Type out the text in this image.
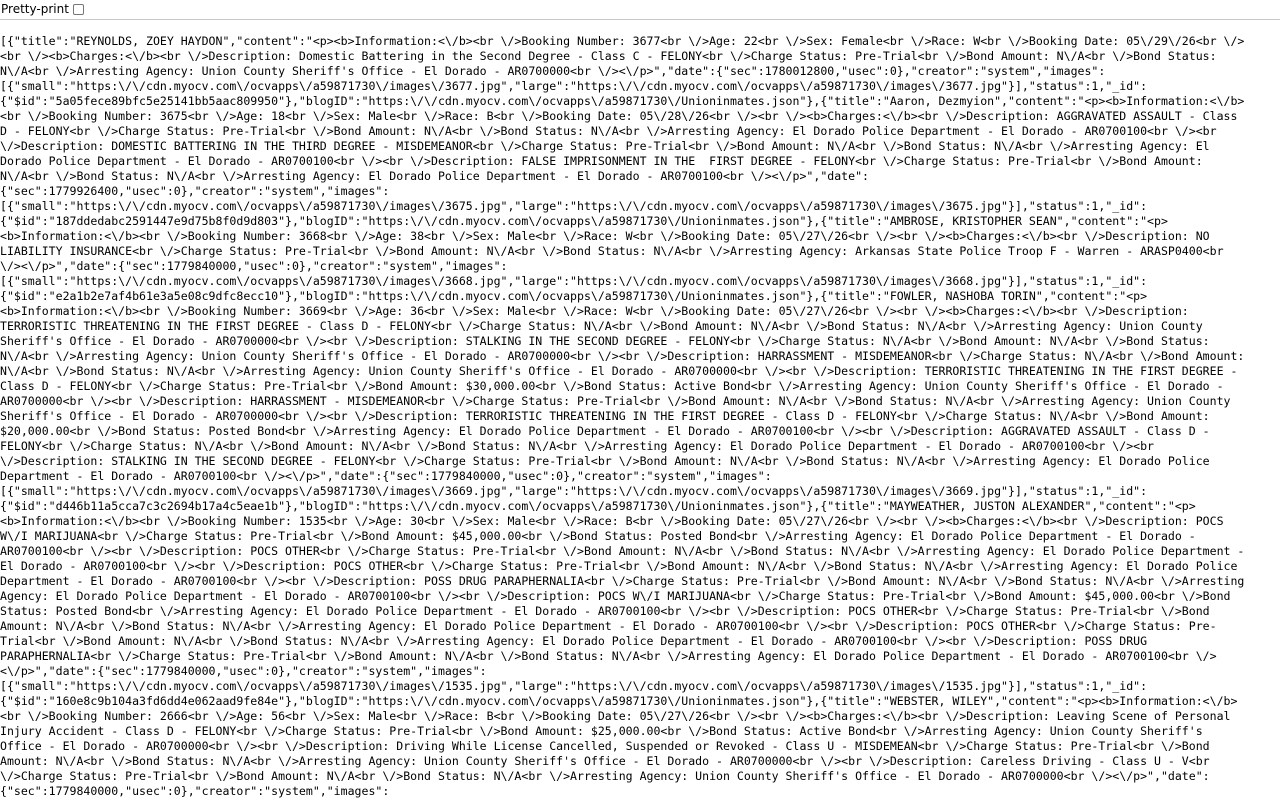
Pretty-print
[{"title":"REYNOLDS, ZOEY HAYDON","content":"<p><b>Information:<\/b><br \/>Booking Number: 3677<br \/>Age: 22<br \/>Sex: Female<br \/>Race: W<br \/>Booking Date: 05\/29\/26<br \/>
<br \/><b>Charges:<\/b><br \/>Description: Domestic Battering in the Second Degree - Class C - FELONY<br \/>Charge Status: Pre-Trial<br \/>Bond Amount: N\/A<br \/>Bond Status:
N\/A<br \/>Arresting Agency: Union County Sheriff's Office - El Dorado - AR0700000<br \/><\/p>","date":{"sec":1780012800,"usec":0},"creator":"system","images":
[{"small":"https:\/\/cdn.myocv.com\/ocvapps\/a59871730\/images\/3677.jpg","large":"https:\/\/cdn.myocv.com\/ocvapps\/a59871730\/images\/3677.jpg"}],"status":1,"_id":
{"$id":"5a05fece89bfc5e25141bb5aac809950"},"blogID":"https:\/\/cdn.myocv.com\/ocvapps\/a59871730\/Unioninmates.json"},{"title":"Aaron, Dezmyion","content":"<p><b>Information:<\/b>
<br \/>Booking Number: 3675<br \/>Age: 18<br \/>Sex: Male<br \/>Race: B<br \/>Booking Date: 05\/28\/26<br \/><br \/><b>Charges:<\/b><br \/>Description: AGGRAVATED ASSAULT - Class
D - FELONY<br \/>Charge Status: Pre-Trial<br \/>Bond Amount: N\/A<br \/>Bond Status: N\/A<br \/>Arresting Agency: El Dorado Police Department - El Dorado - AR0700100<br \/><br
\/>Description: DOMESTIC BATTERING IN THE THIRD DEGREE - MISDEMEANOR<br \/>Charge Status: Pre-Trial<br \/>Bond Amount: N\/A<br \/>Bond Status: N\/A<br \/>Arresting Agency: El
Dorado Police Department - El Dorado - AR0700100<br \/><br \/>Description: FALSE IMPRISONMENT IN THE  FIRST DEGREE - FELONY<br \/>Charge Status: Pre-Trial<br \/>Bond Amount:
N\/A<br \/>Bond Status: N\/A<br \/>Arresting Agency: El Dorado Police Department - El Dorado - AR0700100<br \/><\/p>","date":
{"sec":1779926400,"usec":0},"creator":"system","images":
[{"small":"https:\/\/cdn.myocv.com\/ocvapps\/a59871730\/images\/3675.jpg","large":"https:\/\/cdn.myocv.com\/ocvapps\/a59871730\/images\/3675.jpg"}],"status":1,"_id":
{"$id":"187ddedabc2591447e9d75b8f0d9d803"},"blogID":"https:\/\/cdn.myocv.com\/ocvapps\/a59871730\/Unioninmates.json"},{"title":"AMBROSE, KRISTOPHER SEAN","content":"<p>
<b>Information:<\/b><br \/>Booking Number: 3668<br \/>Age: 38<br \/>Sex: Male<br \/>Race: W<br \/>Booking Date: 05\/27\/26<br \/><br \/><b>Charges:<\/b><br \/>Description: NO
LIABILITY INSURANCE<br \/>Charge Status: Pre-Trial<br \/>Bond Amount: N\/A<br \/>Bond Status: N\/A<br \/>Arresting Agency: Arkansas State Police Troop F - Warren - ARASP0400<br
\/><\/p>","date":{"sec":1779840000,"usec":0},"creator":"system","images":
[{"small":"https:\/\/cdn.myocv.com\/ocvapps\/a59871730\/images\/3668.jpg","large":"https:\/\/cdn.myocv.com\/ocvapps\/a59871730\/images\/3668.jpg"}],"status":1,"_id":
{"$id":"e2a1b2e7af4b61e3a5e08c9dfc8ecc10"},"blogID":"https:\/\/cdn.myocv.com\/ocvapps\/a59871730\/Unioninmates.json"},{"title":"FOWLER, NASHOBA TORIN","content":"<p>
<b>Information:<\/b><br \/>Booking Number: 3669<br \/>Age: 36<br \/>Sex: Male<br \/>Race: W<br \/>Booking Date: 05\/27\/26<br \/><br \/><b>Charges:<\/b><br \/>Description:
TERRORISTIC THREATENING IN THE FIRST DEGREE - Class D - FELONY<br \/>Charge Status: N\/A<br \/>Bond Amount: N\/A<br \/>Bond Status: N\/A<br \/>Arresting Agency: Union County
Sheriff's Office - El Dorado - AR0700000<br \/><br \/>Description: STALKING IN THE SECOND DEGREE - FELONY<br \/>Charge Status: N\/A<br \/>Bond Amount: N\/A<br \/>Bond Status:
N\/A<br \/>Arresting Agency: Union County Sheriff's Office - El Dorado - AR0700000<br \/><br \/>Description: HARRASSMENT - MISDEMEANOR<br \/>Charge Status: N\/A<br \/>Bond Amount:
N\/A<br \/>Bond Status: N\/A<br \/>Arresting Agency: Union County Sheriff's Office - El Dorado - AR0700000<br \/><br \/>Description: TERRORISTIC THREATENING IN THE FIRST DEGREE -
Class D - FELONY<br \/>Charge Status: Pre-Trial<br \/>Bond Amount: $30,000.00<br \/>Bond Status: Active Bond<br \/>Arresting Agency: Union County Sheriff's Office - El Dorado -
AR0700000<br \/><br \/>Description: HARRASSMENT - MISDEMEANOR<br \/>Charge Status: Pre-Trial<br \/>Bond Amount: N\/A<br \/>Bond Status: N\/A<br \/>Arresting Agency: Union County
Sheriff's Office - El Dorado - AR0700000<br \/><br \/>Description: TERRORISTIC THREATENING IN THE FIRST DEGREE - Class D - FELONY<br \/>Charge Status: N\/A<br \/>Bond Amount:
$20,000.00<br \/>Bond Status: Posted Bond<br \/>Arresting Agency: El Dorado Police Department - El Dorado - AR0700100<br \/><br \/>Description: AGGRAVATED ASSAULT - Class D -
FELONY<br \/>Charge Status: N\/A<br \/>Bond Amount: N\/A<br \/>Bond Status: N\/A<br \/>Arresting Agency: El Dorado Police Department - El Dorado - AR0700100<br \/><br
\/>Description: STALKING IN THE SECOND DEGREE - FELONY<br \/>Charge Status: Pre-Trial<br \/>Bond Amount: N\/A<br \/>Bond Status: N\/A<br \/>Arresting Agency: El Dorado Police
Department - El Dorado - AR0700100<br \/><\/p>","date":{"sec":1779840000,"usec":0},"creator":"system","images":
[{"small":"https:\/\/cdn.myocv.com\/ocvapps\/a59871730\/images\/3669.jpg","large":"https:\/\/cdn.myocv.com\/ocvapps\/a59871730\/images\/3669.jpg"}],"status":1,"_id":
{"$id":"d446b11a5cca7c3c2694b17a4c5eae1b"},"blogID":"https:\/\/cdn.myocv.com\/ocvapps\/a59871730\/Unioninmates.json"},{"title":"MAYWEATHER, JUSTON ALEXANDER","content":"<p>
<b>Information:<\/b><br \/>Booking Number: 1535<br \/>Age: 30<br \/>Sex: Male<br \/>Race: B<br \/>Booking Date: 05\/27\/26<br \/><br \/><b>Charges:<\/b><br \/>Description: POCS
W\/I MARIJUANA<br \/>Charge Status: Pre-Trial<br \/>Bond Amount: $45,000.00<br \/>Bond Status: Posted Bond<br \/>Arresting Agency: El Dorado Police Department - El Dorado -
AR0700100<br \/><br \/>Description: POCS OTHER<br \/>Charge Status: Pre-Trial<br \/>Bond Amount: N\/A<br \/>Bond Status: N\/A<br \/>Arresting Agency: El Dorado Police Department -
El Dorado - AR0700100<br \/><br \/>Description: POCS OTHER<br \/>Charge Status: Pre-Trial<br \/>Bond Amount: N\/A<br \/>Bond Status: N\/A<br \/>Arresting Agency: El Dorado Police
Department - El Dorado - AR0700100<br \/><br \/>Description: POSS DRUG PARAPHERNALIA<br \/>Charge Status: Pre-Trial<br \/>Bond Amount: N\/A<br \/>Bond Status: N\/A<br \/>Arresting
Agency: El Dorado Police Department - El Dorado - AR0700100<br \/><br \/>Description: POCS W\/I MARIJUANA<br \/>Charge Status: Pre-Trial<br \/>Bond Amount: $45,000.00<br \/>Bond
Status: Posted Bond<br \/>Arresting Agency: El Dorado Police Department - El Dorado - AR0700100<br \/><br \/>Description: POCS OTHER<br \/>Charge Status: Pre-Trial<br \/>Bond
Amount: N\/A<br \/>Bond Status: N\/A<br \/>Arresting Agency: El Dorado Police Department - El Dorado - AR0700100<br \/><br \/>Description: POCS OTHER<br \/>Charge Status: Pre-
Trial<br \/>Bond Amount: N\/A<br \/>Bond Status: N\/A<br \/>Arresting Agency: El Dorado Police Department - El Dorado - AR0700100<br \/><br \/>Description: POSS DRUG
PARAPHERNALIA<br \/>Charge Status: Pre-Trial<br \/>Bond Amount: N\/A<br \/>Bond Status: N\/A<br \/>Arresting Agency: El Dorado Police Department - El Dorado - AR0700100<br \/>
<\/p>","date":{"sec":1779840000,"usec":0},"creator":"system","images":
[{"small":"https:\/\/cdn.myocv.com\/ocvapps\/a59871730\/images\/1535.jpg","large":"https:\/\/cdn.myocv.com\/ocvapps\/a59871730\/images\/1535.jpg"}],"status":1,"_id":
{"$id":"160e8c9b104a3fd6dd4e062aad9fe84e"},"blogID":"https:\/\/cdn.myocv.com\/ocvapps\/a59871730\/Unioninmates.json"},{"title":"WEBSTER, WILEY","content":"<p><b>Information:<\/b>
<br \/>Booking Number: 2666<br \/>Age: 56<br \/>Sex: Male<br \/>Race: B<br \/>Booking Date: 05\/27\/26<br \/><br \/><b>Charges:<\/b><br \/>Description: Leaving Scene of Personal
Injury Accident - Class D - FELONY<br \/>Charge Status: Pre-Trial<br \/>Bond Amount: $25,000.00<br \/>Bond Status: Active Bond<br \/>Arresting Agency: Union County Sheriff's
Office - El Dorado - AR0700000<br \/><br \/>Description: Driving While License Cancelled, Suspended or Revoked - Class U - MISDEMEAN<br \/>Charge Status: Pre-Trial<br \/>Bond
Amount: N\/A<br \/>Bond Status: N\/A<br \/>Arresting Agency: Union County Sheriff's Office - El Dorado - AR0700000<br \/><br \/>Description: Careless Driving - Class U - V<br
\/>Charge Status: Pre-Trial<br \/>Bond Amount: N\/A<br \/>Bond Status: N\/A<br \/>Arresting Agency: Union County Sheriff's Office - El Dorado - AR0700000<br \/><\/p>","date":
{"sec":1779840000,"usec":0},"creator":"system","images":
